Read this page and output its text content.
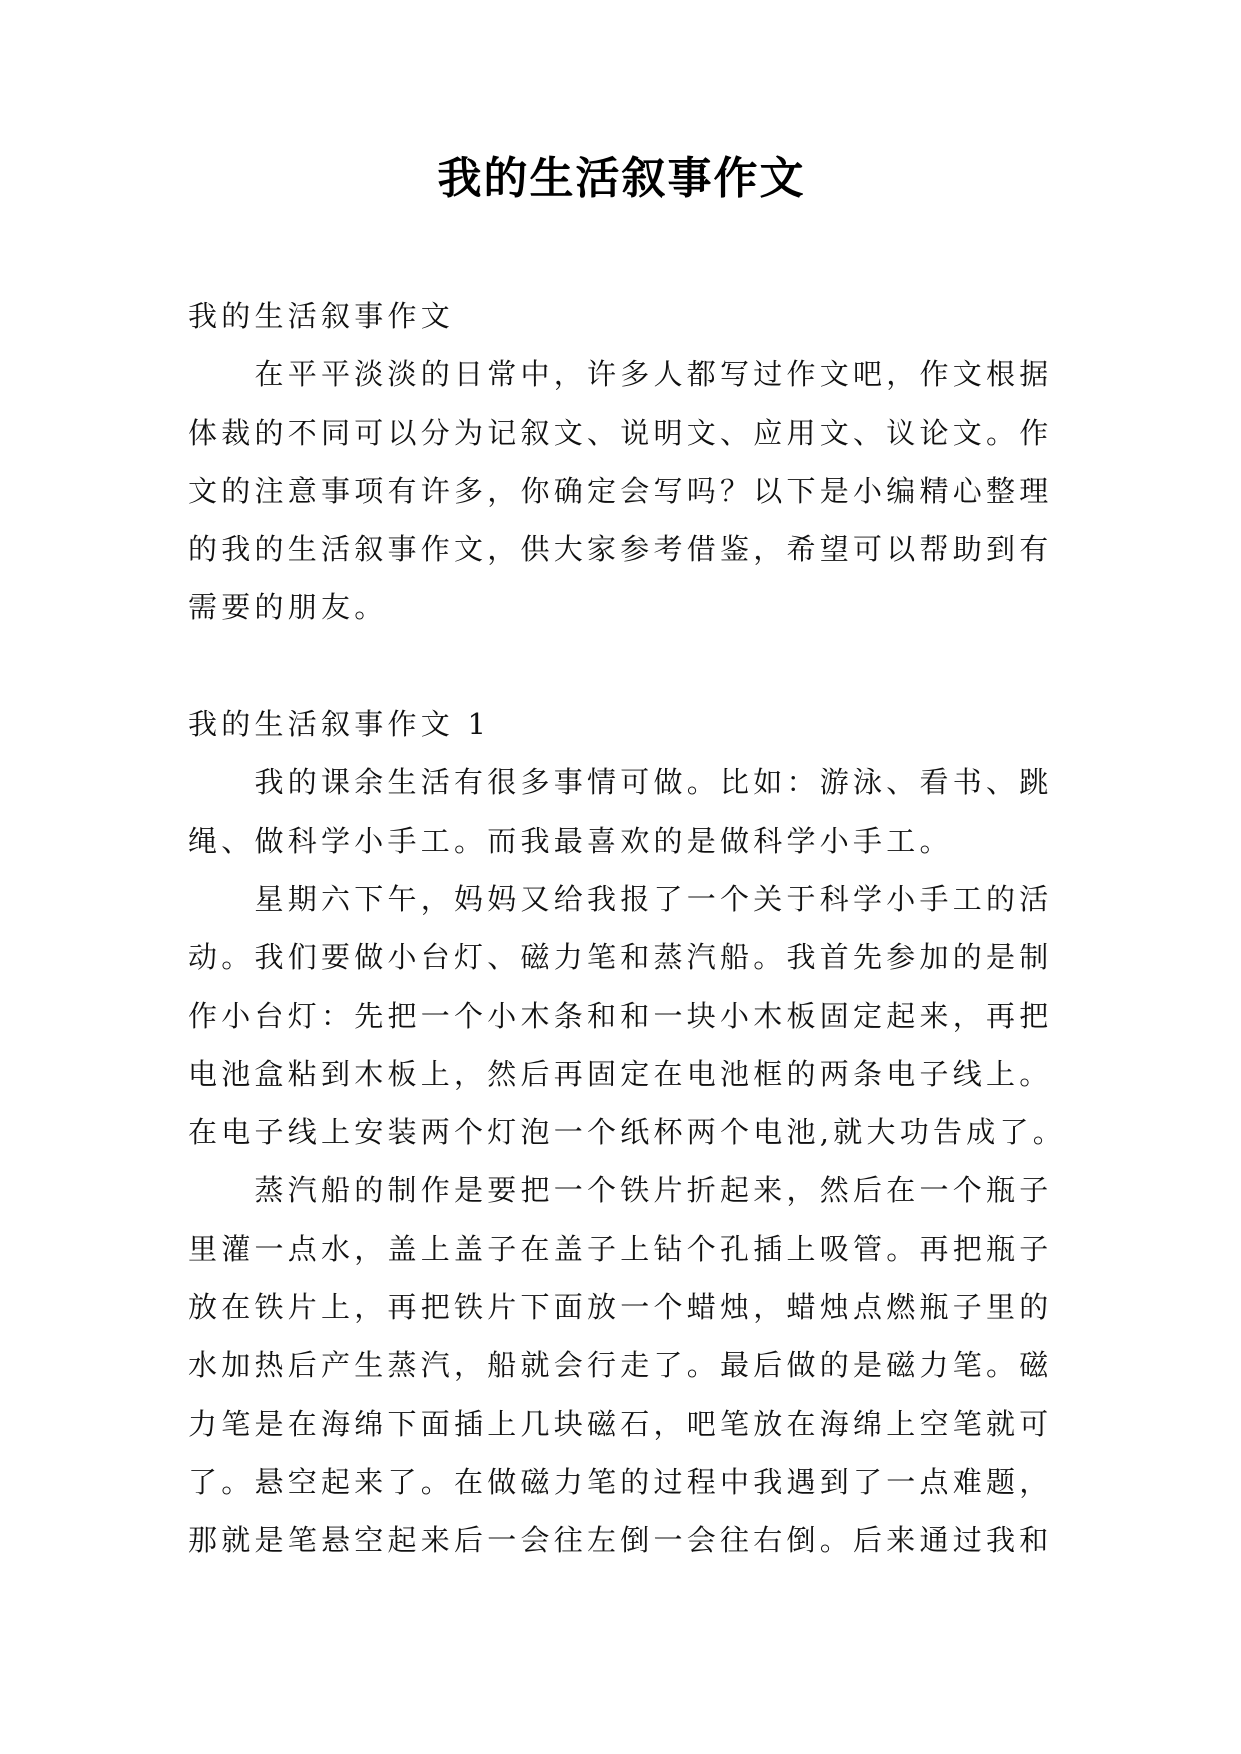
我的生活叙事作文
我的生活叙事作文
在平平淡淡的日常中，许多人都写过作文吧，作文根据
体裁的不同可以分为记叙文、说明文、应用文、议论文。作
文的注意事项有许多，你确定会写吗？以下是小编精心整理
的我的生活叙事作文，供大家参考借鉴，希望可以帮助到有
需要的朋友。
我的生活叙事作文 1
我的课余生活有很多事情可做。比如：游泳、看书、跳
绳、做科学小手工。而我最喜欢的是做科学小手工。
星期六下午，妈妈又给我报了一个关于科学小手工的活
动。我们要做小台灯、磁力笔和蒸汽船。我首先参加的是制
作小台灯：先把一个小木条和和一块小木板固定起来，再把
电池盒粘到木板上，然后再固定在电池框的两条电子线上。
在电子线上安装两个灯泡一个纸杯两个电池,就大功告成了。
蒸汽船的制作是要把一个铁片折起来，然后在一个瓶子
里灌一点水，盖上盖子在盖子上钻个孔插上吸管。再把瓶子
放在铁片上，再把铁片下面放一个蜡烛，蜡烛点燃瓶子里的
水加热后产生蒸汽，船就会行走了。最后做的是磁力笔。磁
力笔是在海绵下面插上几块磁石，吧笔放在海绵上空笔就可
了。悬空起来了。在做磁力笔的过程中我遇到了一点难题，
那就是笔悬空起来后一会往左倒一会往右倒。后来通过我和
